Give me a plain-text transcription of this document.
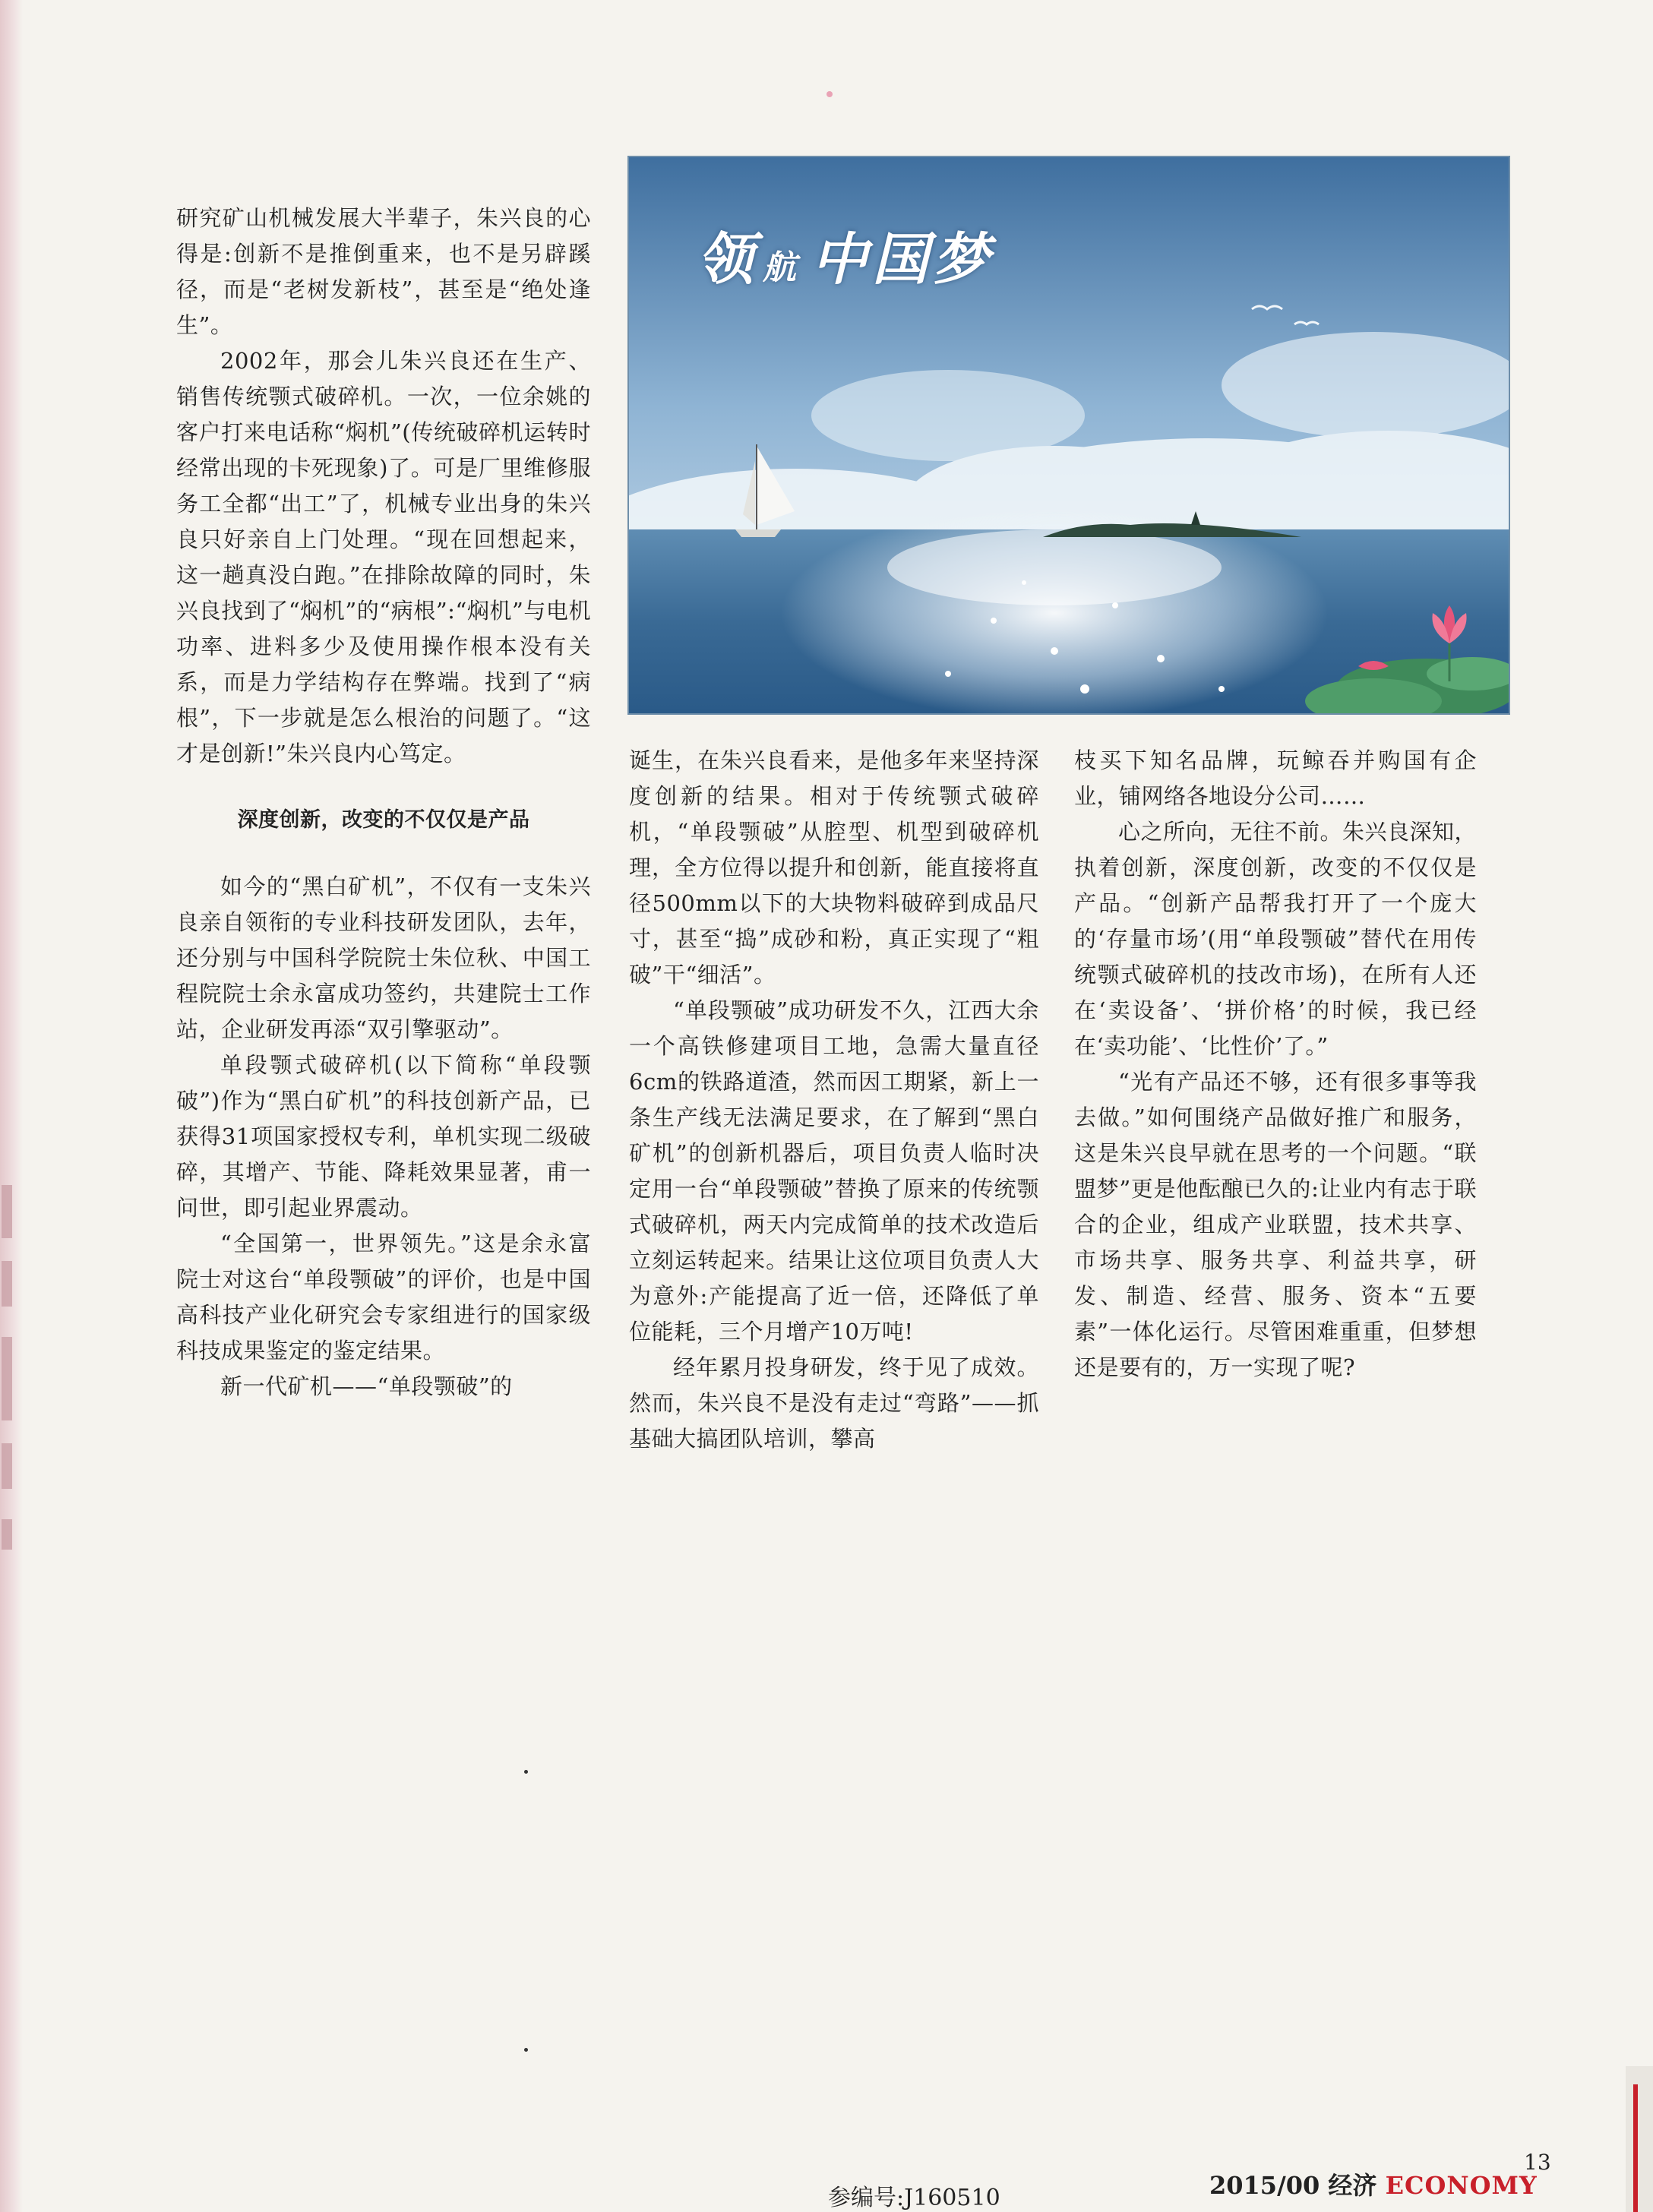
领航 中国梦

研究矿山机械发展大半辈子，朱兴良的心得是:创新不是推倒重来，也不是另辟蹊径，而是“老树发新枝”，甚至是“绝处逢生”。

2002年，那会儿朱兴良还在生产、销售传统颚式破碎机。一次，一位余姚的客户打来电话称“焖机”(传统破碎机运转时经常出现的卡死现象)了。可是厂里维修服务工全都“出工”了，机械专业出身的朱兴良只好亲自上门处理。“现在回想起来，这一趟真没白跑。”在排除故障的同时，朱兴良找到了“焖机”的“病根”:“焖机”与电机功率、进料多少及使用操作根本没有关系，而是力学结构存在弊端。找到了“病根”，下一步就是怎么根治的问题了。“这才是创新!”朱兴良内心笃定。

深度创新，改变的不仅仅是产品

如今的“黑白矿机”，不仅有一支朱兴良亲自领衔的专业科技研发团队，去年，还分别与中国科学院院士朱位秋、中国工程院院士余永富成功签约，共建院士工作站，企业研发再添“双引擎驱动”。

单段颚式破碎机(以下简称“单段颚破”)作为“黑白矿机”的科技创新产品，已获得31项国家授权专利，单机实现二级破碎，其增产、节能、降耗效果显著，甫一问世，即引起业界震动。

“全国第一，世界领先。”这是余永富院士对这台“单段颚破”的评价，也是中国高科技产业化研究会专家组进行的国家级科技成果鉴定的鉴定结果。

新一代矿机——“单段颚破”的

诞生，在朱兴良看来，是他多年来坚持深度创新的结果。相对于传统颚式破碎机，“单段颚破”从腔型、机型到破碎机理，全方位得以提升和创新，能直接将直径500mm以下的大块物料破碎到成品尺寸，甚至“捣”成砂和粉，真正实现了“粗破”干“细活”。

“单段颚破”成功研发不久，江西大余一个高铁修建项目工地，急需大量直径6cm的铁路道渣，然而因工期紧，新上一条生产线无法满足要求，在了解到“黑白矿机”的创新机器后，项目负责人临时决定用一台“单段颚破”替换了原来的传统颚式破碎机，两天内完成简单的技术改造后立刻运转起来。结果让这位项目负责人大为意外:产能提高了近一倍，还降低了单位能耗，三个月增产10万吨!

经年累月投身研发，终于见了成效。然而，朱兴良不是没有走过“弯路”——抓基础大搞团队培训，攀高

枝买下知名品牌，玩鲸吞并购国有企业，铺网络各地设分公司……

心之所向，无往不前。朱兴良深知，执着创新，深度创新，改变的不仅仅是产品。“创新产品帮我打开了一个庞大的‘存量市场’(用“单段颚破”替代在用传统颚式破碎机的技改市场)，在所有人还在‘卖设备’、‘拼价格’的时候，我已经在‘卖功能’、‘比性价’了。”

“光有产品还不够，还有很多事等我去做。”如何围绕产品做好推广和服务，这是朱兴良早就在思考的一个问题。“联盟梦”更是他酝酿已久的:让业内有志于联合的企业，组成产业联盟，技术共享、市场共享、服务共享、利益共享，研发、制造、经营、服务、资本“五要素”一体化运行。尽管困难重重，但梦想还是要有的，万一实现了呢?

参编号:J160510	2015/00 经济 ECONOMY
13
